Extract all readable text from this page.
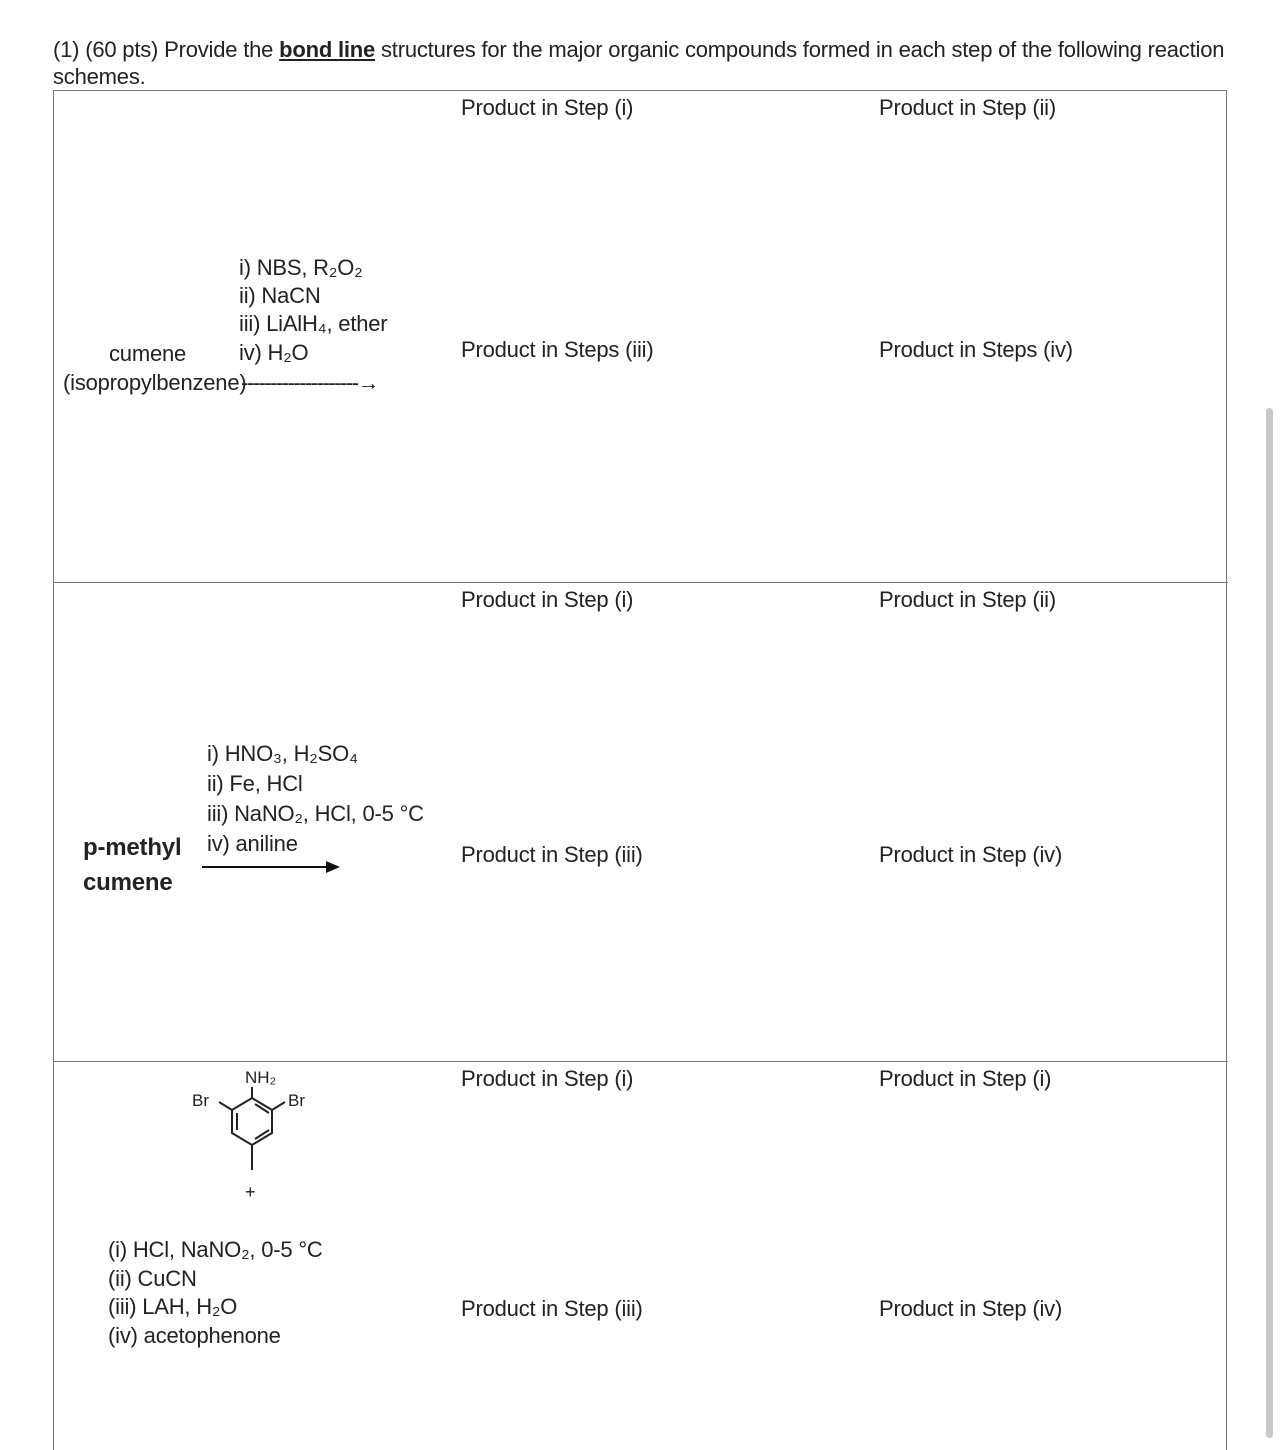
(1) (60 pts) Provide the bond line structures for the major organic compounds formed in each step of the following reaction schemes.
Product in Step (i)	Product in Step (ii)
Product in Steps (iii)	Product in Steps (iv)
i) NBS, R₂O₂
ii) NaCN
iii) LiAlH₄, ether
iv) H₂O
cumene
(isopropylbenzene)
--------------------→
Product in Step (i)	Product in Step (ii)
Product in Step (iii)	Product in Step (iv)
i) HNO₃, H₂SO₄
ii) Fe, HCl
iii) NaNO₂, HCl, 0-5 °C
iv) aniline
p-methyl
cumene
Product in Step (i)	Product in Step (i)
Product in Step (iii)	Product in Step (iv)
NH₂
Br	Br
+
(i) HCl, NaNO₂, 0-5 °C
(ii) CuCN
(iii) LAH, H₂O
(iv) acetophenone
